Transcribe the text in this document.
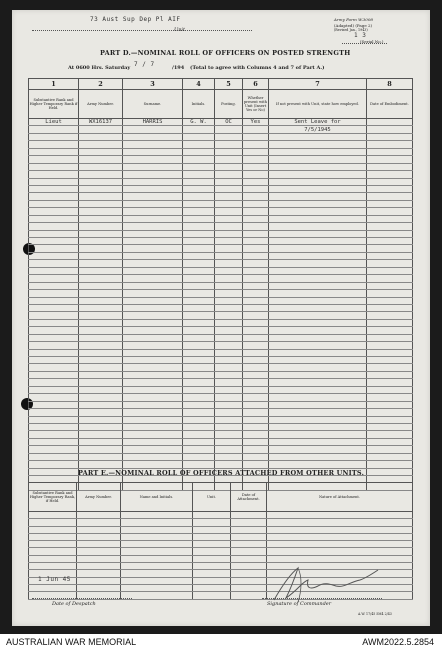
73 Aust Sup Dep Pl AIF
Unit
Army Form W.3008
(Adapted) (Page 2)
(Revised Jan., 1943)
1 3
(Serial No.)
PART D.—NOMINAL ROLL OF OFFICERS ON POSTED STRENGTH
At 0600 Hrs. Saturday 7 / 7	/194 (Total to agree with Columns 4 and 7 of Part A.)
1	2	3	4	5	6	7	8
Substantive Rank and Higher Temporary Rank if Held.	Army Number.	Surname.	Initials.	Posting.	Whether present with Unit (Insert Yes or No)	If not present with Unit, state how employed.	Date of Embodiment.
Lieut	WX16137	HARRIS	G. W.	OC	Yes	Sent Leave for	
						7/5/1945	

PART E.—NOMINAL ROLL OF OFFICERS ATTACHED FROM OTHER UNITS.
Substantive Rank and Higher Temporary Rank, if Held.	Army Number.	Name and Initials.	Unit.	Date of Attachment.	Nature of Attachment.

1 Jun 45
Date of Despatch	Signature of Commander
A.W. 17/45 5M4 2/43
AUSTRALIAN WAR MEMORIAL	AWM2022.5.2854
